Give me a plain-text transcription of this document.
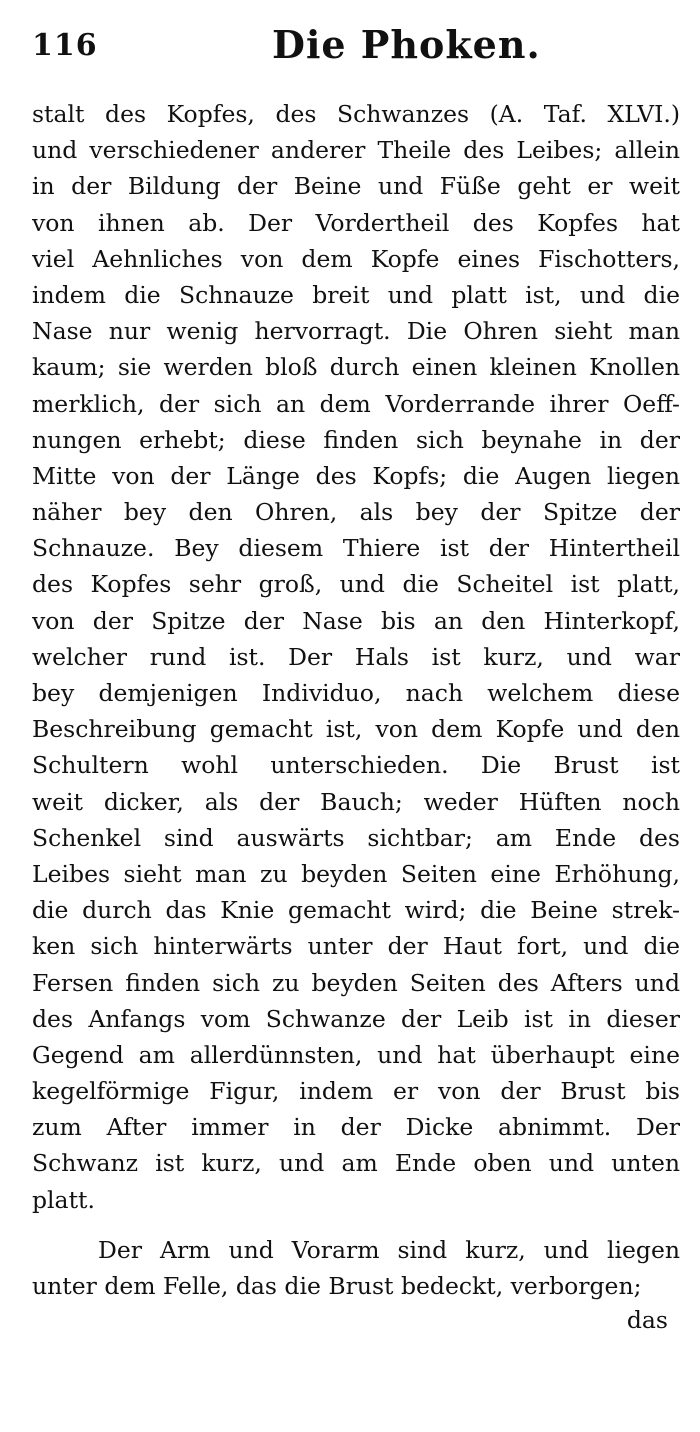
116	Die Phoken.
stalt des Kopfes, des Schwanzes (A. Taf. XLVI.)
und verschiedener anderer Theile des Leibes; allein
in der Bildung der Beine und Füße geht er weit
von ihnen ab. Der Vordertheil des Kopfes hat
viel Aehnliches von dem Kopfe eines Fischotters,
indem die Schnauze breit und platt ist, und die
Nase nur wenig hervorragt. Die Ohren sieht man
kaum; sie werden bloß durch einen kleinen Knollen
merklich, der sich an dem Vorderrande ihrer Oeff-
nungen erhebt; diese finden sich beynahe in der
Mitte von der Länge des Kopfs; die Augen liegen
näher bey den Ohren, als bey der Spitze der
Schnauze. Bey diesem Thiere ist der Hintertheil
des Kopfes sehr groß, und die Scheitel ist platt,
von der Spitze der Nase bis an den Hinterkopf,
welcher rund ist. Der Hals ist kurz, und war
bey demjenigen Individuo, nach welchem diese
Beschreibung gemacht ist, von dem Kopfe und den
Schultern wohl unterschieden. Die Brust ist
weit dicker, als der Bauch; weder Hüften noch
Schenkel sind auswärts sichtbar; am Ende des
Leibes sieht man zu beyden Seiten eine Erhöhung,
die durch das Knie gemacht wird; die Beine strek-
ken sich hinterwärts unter der Haut fort, und die
Fersen finden sich zu beyden Seiten des Afters und
des Anfangs vom Schwanze der Leib ist in dieser
Gegend am allerdünnsten, und hat überhaupt eine
kegelförmige Figur, indem er von der Brust bis
zum After immer in der Dicke abnimmt. Der
Schwanz ist kurz, und am Ende oben und unten
platt.
Der Arm und Vorarm sind kurz, und liegen
unter dem Felle, das die Brust bedeckt, verborgen;
das
